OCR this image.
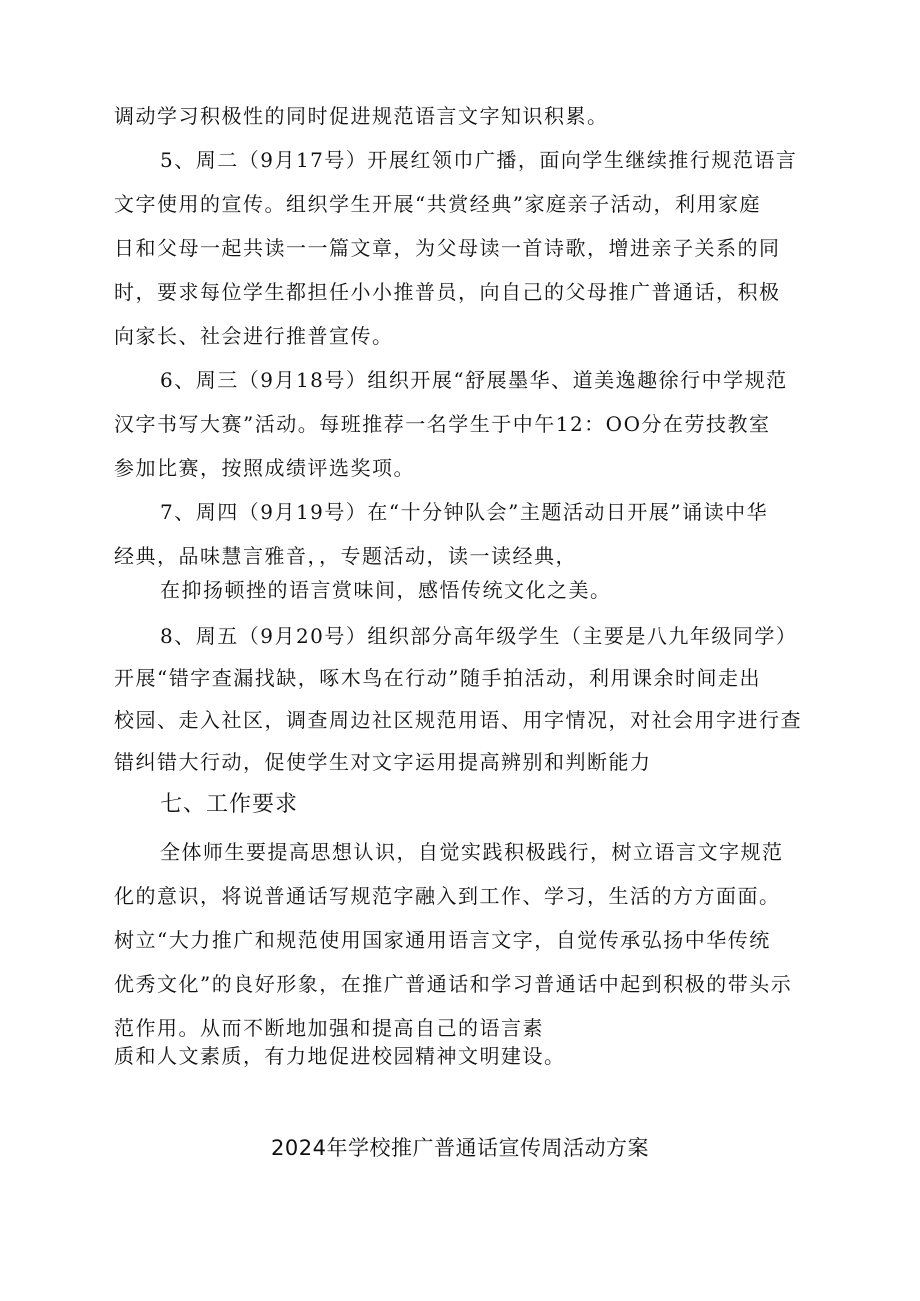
调动学习积极性的同时促进规范语言文字知识积累。
5、周二（9月17号）开展红领巾广播，面向学生继续推行规范语言
文字使用的宣传。组织学生开展“共赏经典”家庭亲子活动，利用家庭
日和父母一起共读一一篇文章，为父母读一首诗歌，增进亲子关系的同
时，要求每位学生都担任小小推普员，向自己的父母推广普通话，积极
向家长、社会进行推普宣传。
6、周三（9月18号）组织开展“舒展墨华、道美逸趣徐行中学规范
汉字书写大赛”活动。每班推荐一名学生于中午12：OO分在劳技教室
参加比赛，按照成绩评选奖项。
7、周四（9月19号）在“十分钟队会”主题活动日开展”诵读中华
经典，品味慧言雅音，，专题活动，读一读经典，
在抑扬顿挫的语言赏味间，感悟传统文化之美。
8、周五（9月20号）组织部分高年级学生（主要是八九年级同学）
开展“错字查漏找缺，啄木鸟在行动”随手拍活动，利用课余时间走出
校园、走入社区，调查周边社区规范用语、用字情况，对社会用字进行查
错纠错大行动，促使学生对文字运用提高辨别和判断能力
七、工作要求
全体师生要提高思想认识，自觉实践积极践行，树立语言文字规范
化的意识，将说普通话写规范字融入到工作、学习，生活的方方面面。
树立“大力推广和规范使用国家通用语言文字，自觉传承弘扬中华传统
优秀文化”的良好形象，在推广普通话和学习普通话中起到积极的带头示
范作用。从而不断地加强和提高自己的语言素
质和人文素质，有力地促进校园精神文明建设。
2024年学校推广普通话宣传周活动方案
